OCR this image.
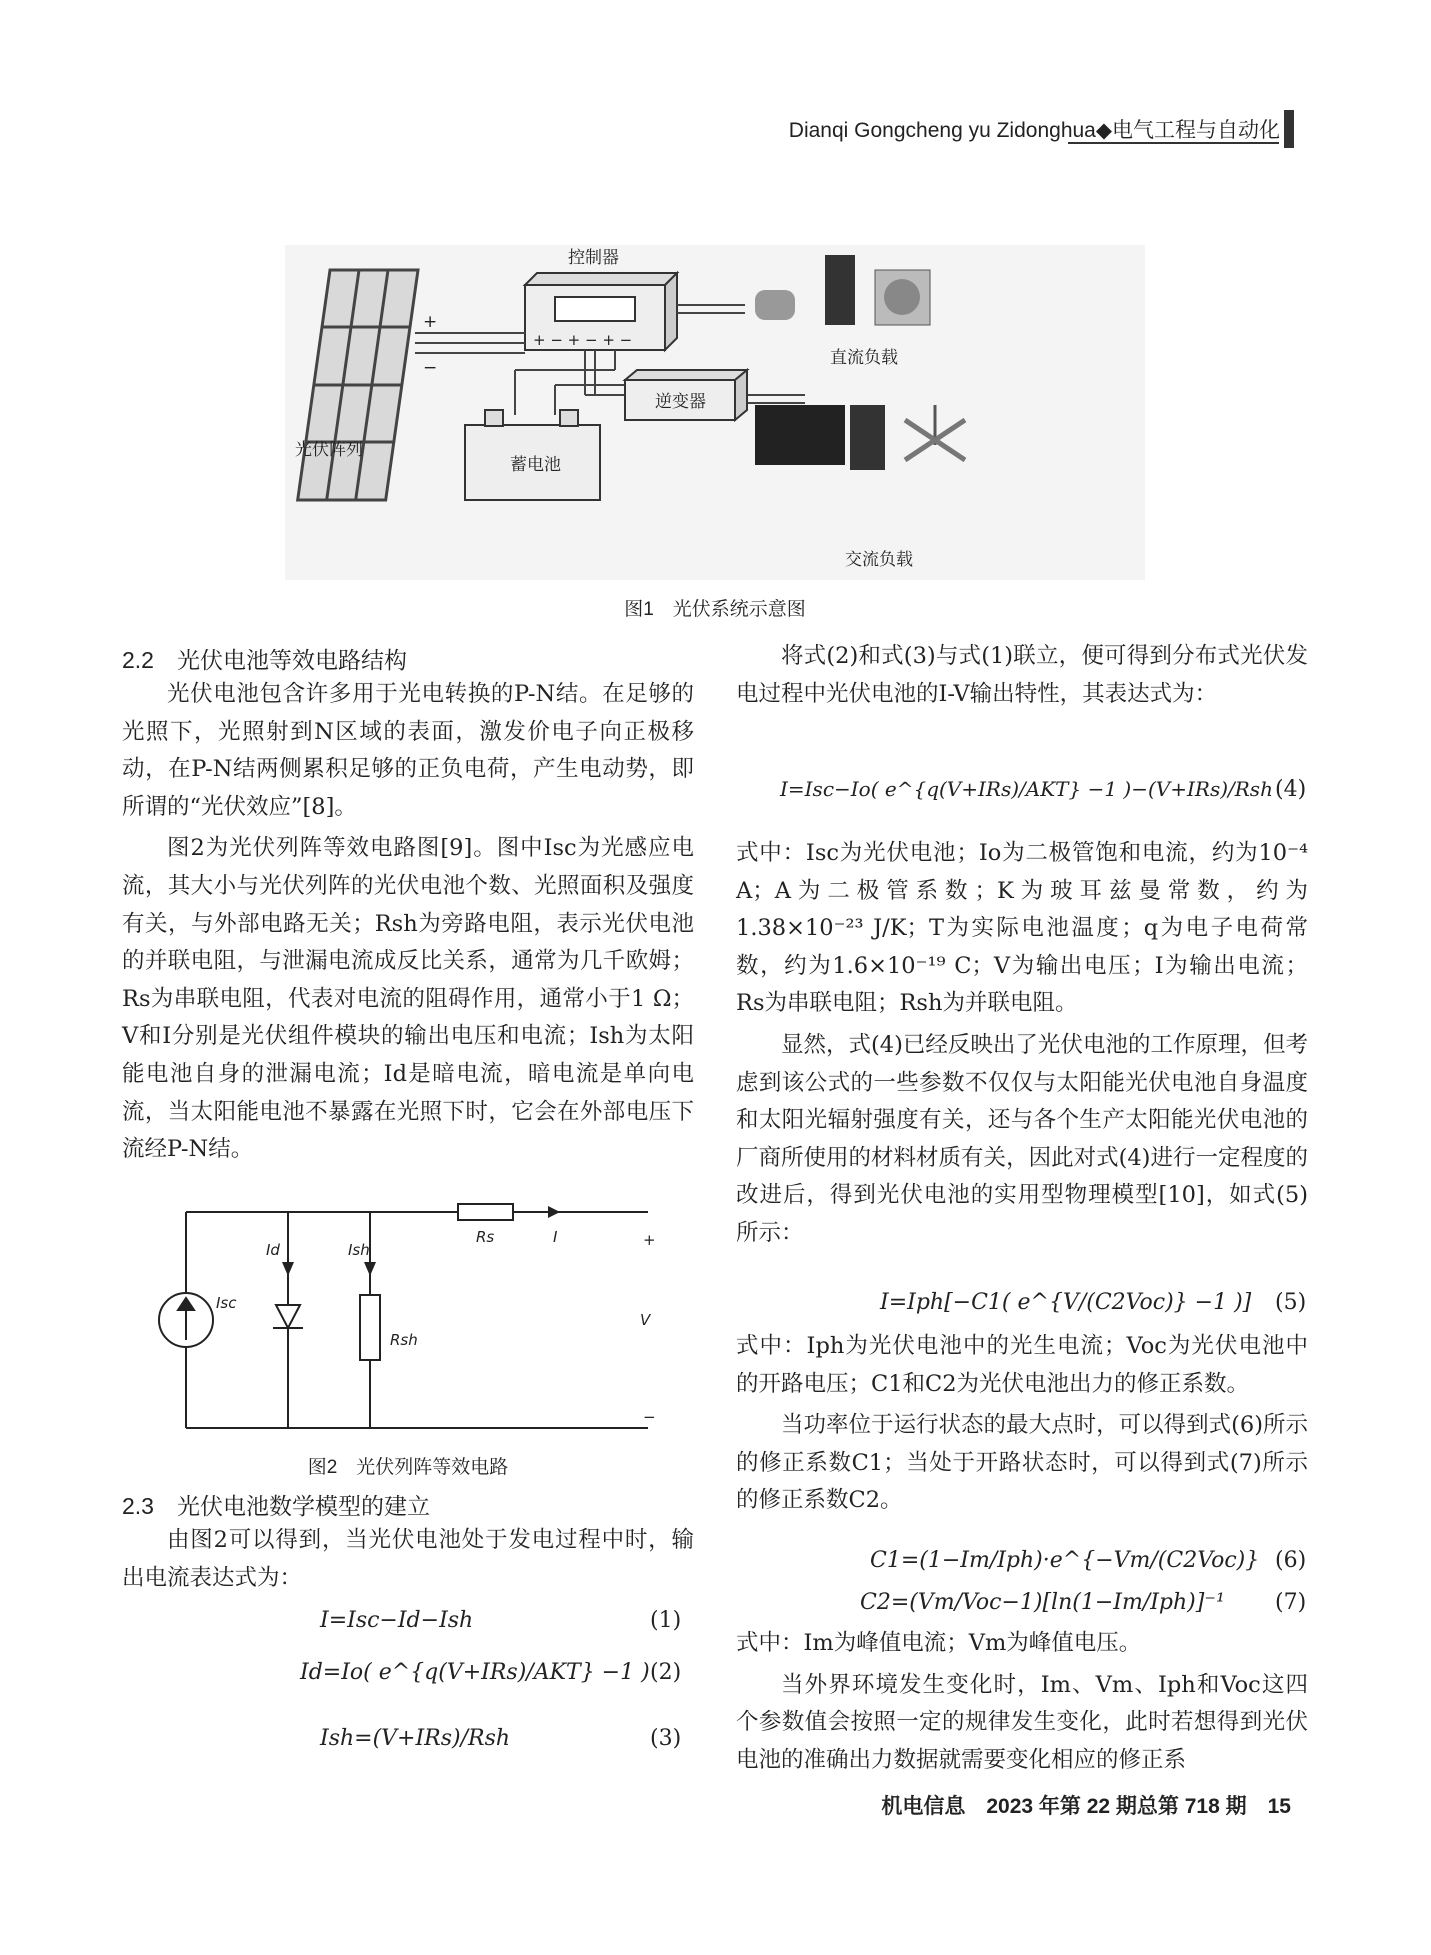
Dianqi Gongcheng yu Zidonghua◆电气工程与自动化
光伏阵列
控制器
+ − + − + −
+
−
逆变器
蓄电池
直流负载
交流负载
图1　光伏系统示意图
2.2　光伏电池等效电路结构

光伏电池包含许多用于光电转换的P-N结。在足够的光照下，光照射到N区域的表面，激发价电子向正极移动，在P-N结两侧累积足够的正负电荷，产生电动势，即所谓的“光伏效应”[8]。

图2为光伏列阵等效电路图[9]。图中Isc为光感应电流，其大小与光伏列阵的光伏电池个数、光照面积及强度有关，与外部电路无关；Rsh为旁路电阻，表示光伏电池的并联电阻，与泄漏电流成反比关系，通常为几千欧姆；Rs为串联电阻，代表对电流的阻碍作用，通常小于1 Ω；V和I分别是光伏组件模块的输出电压和电流；Ish为太阳能电池自身的泄漏电流；Id是暗电流，暗电流是单向电流，当太阳能电池不暴露在光照下时，它会在外部电压下流经P-N结。

Rs	I	+
−
Isc
Id	Ish
V
Rsh
图2　光伏列阵等效电路
2.3　光伏电池数学模型的建立

由图2可以得到，当光伏电池处于发电过程中时，输出电流表达式为：

I=Isc−Id−Ish	(1)
Id=Io( e^{q(V+IRs)/AKT} −1 ) (2)
Ish=(V+IRs)/Rsh	(3)

将式(2)和式(3)与式(1)联立，便可得到分布式光伏发电过程中光伏电池的I-V输出特性，其表达式为：

I=Isc−Io( e^{q(V+IRs)/AKT} −1 )−(V+IRs)/Rsh (4)

式中：Isc为光伏电池；Io为二极管饱和电流，约为10⁻⁴ A；A为二极管系数；K为玻耳兹曼常数，约为1.38×10⁻²³ J/K；T为实际电池温度；q为电子电荷常数，约为1.6×10⁻¹⁹ C；V为输出电压；I为输出电流；Rs为串联电阻；Rsh为并联电阻。

显然，式(4)已经反映出了光伏电池的工作原理，但考虑到该公式的一些参数不仅仅与太阳能光伏电池自身温度和太阳光辐射强度有关，还与各个生产太阳能光伏电池的厂商所使用的材料材质有关，因此对式(4)进行一定程度的改进后，得到光伏电池的实用型物理模型[10]，如式(5)所示：

I=Iph[−C1( e^{V/(C2Voc)} −1 )] (5)

式中：Iph为光伏电池中的光生电流；Voc为光伏电池中的开路电压；C1和C2为光伏电池出力的修正系数。

当功率位于运行状态的最大点时，可以得到式(6)所示的修正系数C1；当处于开路状态时，可以得到式(7)所示的修正系数C2。

C1=(1−Im/Iph)·e^{−Vm/(C2Voc)} (6)
C2=(Vm/Voc−1)[ln(1−Im/Iph)]⁻¹ (7)

式中：Im为峰值电流；Vm为峰值电压。

当外界环境发生变化时，Im、Vm、Iph和Voc这四个参数值会按照一定的规律发生变化，此时若想得到光伏电池的准确出力数据就需要变化相应的修正系

机电信息　2023 年第 22 期总第 718 期　15
